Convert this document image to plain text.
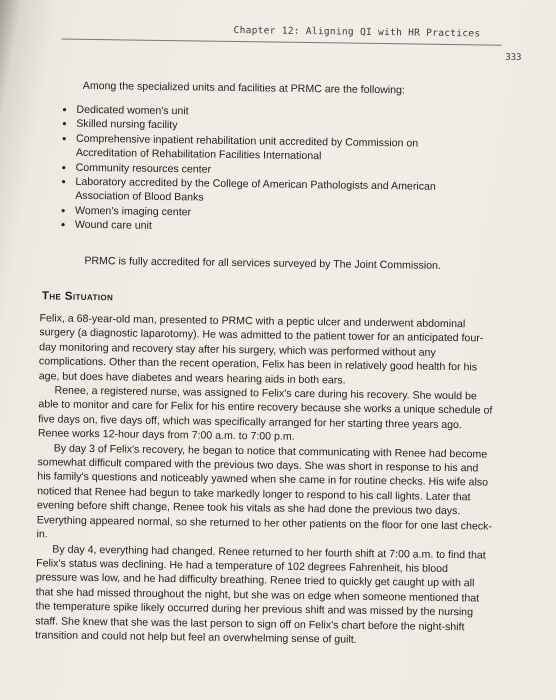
Chapter 12: Aligning QI with HR Practices
333
Among the specialized units and facilities at PRMC are the following:
• Dedicated women's unit
• Skilled nursing facility
• Comprehensive inpatient rehabilitation unit accredited by Commission on Accreditation of Rehabilitation Facilities International
• Community resources center
• Laboratory accredited by the College of American Pathologists and American Association of Blood Banks
• Women's imaging center
• Wound care unit
PRMC is fully accredited for all services surveyed by The Joint Commission.
The Situation

Felix, a 68-year-old man, presented to PRMC with a peptic ulcer and underwent abdominal surgery (a diagnostic laparotomy). He was admitted to the patient tower for an anticipated four-day monitoring and recovery stay after his surgery, which was performed without any complications. Other than the recent operation, Felix has been in relatively good health for his age, but does have diabetes and wears hearing aids in both ears.

Renee, a registered nurse, was assigned to Felix's care during his recovery. She would be able to monitor and care for Felix for his entire recovery because she works a unique schedule of five days on, five days off, which was specifically arranged for her starting three years ago. Renee works 12-hour days from 7:00 a.m. to 7:00 p.m.

By day 3 of Felix's recovery, he began to notice that communicating with Renee had become somewhat difficult compared with the previous two days. She was short in response to his and his family's questions and noticeably yawned when she came in for routine checks. His wife also noticed that Renee had begun to take markedly longer to respond to his call lights. Later that evening before shift change, Renee took his vitals as she had done the previous two days. Everything appeared normal, so she returned to her other patients on the floor for one last check-in.

By day 4, everything had changed. Renee returned to her fourth shift at 7:00 a.m. to find that Felix's status was declining. He had a temperature of 102 degrees Fahrenheit, his blood pressure was low, and he had difficulty breathing. Renee tried to quickly get caught up with all that she had missed throughout the night, but she was on edge when someone mentioned that the temperature spike likely occurred during her previous shift and was missed by the nursing staff. She knew that she was the last person to sign off on Felix's chart before the night-shift transition and could not help but feel an overwhelming sense of guilt.
